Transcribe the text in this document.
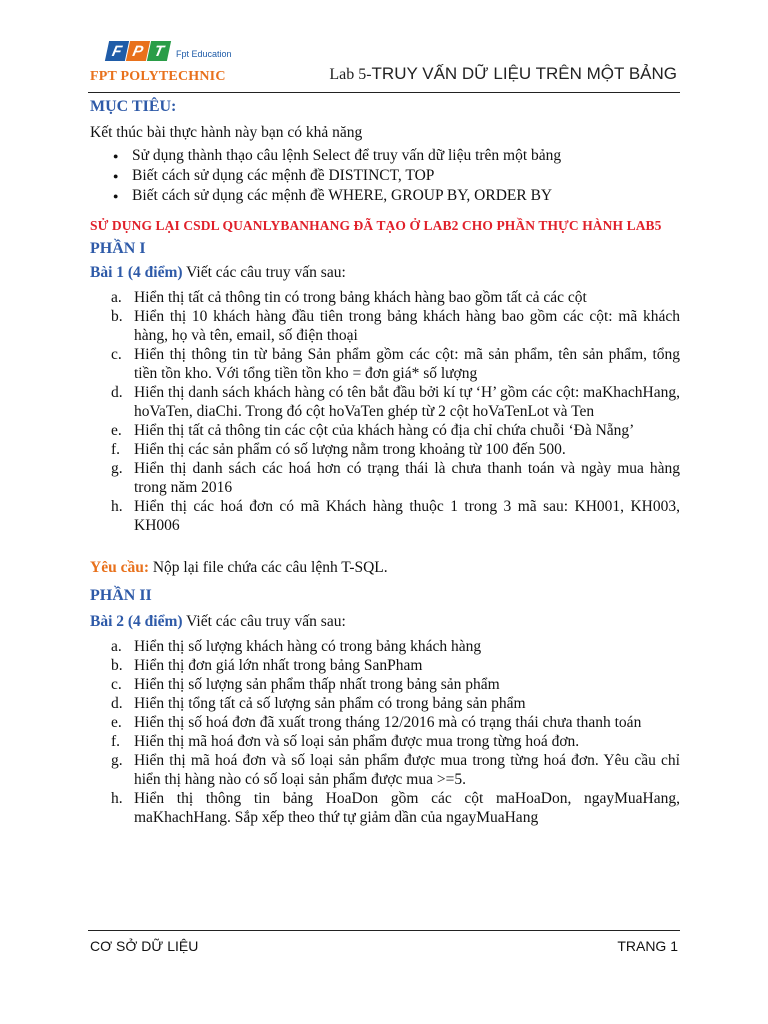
F P T	Fpt Education
FPT POLYTECHNIC	Lab 5-TRUY VẤN DỮ LIỆU TRÊN MỘT BẢNG
MỤC TIÊU:
Kết thúc bài thực hành này bạn có khả năng
● Sử dụng thành thạo câu lệnh Select để truy vấn dữ liệu trên một bảng
● Biết cách sử dụng các mệnh đề DISTINCT, TOP
● Biết cách sử dụng các mệnh đề WHERE, GROUP BY, ORDER BY
SỬ DỤNG LẠI CSDL QUANLYBANHANG ĐÃ TẠO Ở LAB2 CHO PHẦN THỰC HÀNH LAB5
PHẦN I
Bài 1 (4 điểm) Viết các câu truy vấn sau:
a. Hiển thị tất cả thông tin có trong bảng khách hàng bao gồm tất cả các cột
b. Hiển thị 10 khách hàng đầu tiên trong bảng khách hàng bao gồm các cột: mã khách hàng, họ và tên, email, số điện thoại
c. Hiển thị thông tin từ bảng Sản phẩm gồm các cột: mã sản phẩm, tên sản phẩm, tổng tiền tồn kho. Với tổng tiền tồn kho = đơn giá* số lượng
d. Hiển thị danh sách khách hàng có tên bắt đầu bởi kí tự ‘H’ gồm các cột: maKhachHang, hoVaTen, diaChi. Trong đó cột hoVaTen ghép từ 2 cột hoVaTenLot và Ten
e. Hiển thị tất cả thông tin các cột của khách hàng có địa chỉ chứa chuỗi ‘Đà Nẵng’
f. Hiển thị các sản phẩm có số lượng nằm trong khoảng từ 100 đến 500.
g. Hiển thị danh sách các hoá hơn có trạng thái là chưa thanh toán và ngày mua hàng trong năm 2016
h. Hiển thị các hoá đơn có mã Khách hàng thuộc 1 trong 3 mã sau: KH001, KH003, KH006
Yêu cầu: Nộp lại file chứa các câu lệnh T-SQL.
PHẦN II
Bài 2 (4 điểm) Viết các câu truy vấn sau:
a. Hiển thị số lượng khách hàng có trong bảng khách hàng
b. Hiển thị đơn giá lớn nhất trong bảng SanPham
c. Hiển thị số lượng sản phẩm thấp nhất trong bảng sản phẩm
d. Hiển thị tổng tất cả số lượng sản phẩm có trong bảng sản phẩm
e. Hiển thị số hoá đơn đã xuất trong tháng 12/2016 mà có trạng thái chưa thanh toán
f. Hiển thị mã hoá đơn và số loại sản phẩm được mua trong từng hoá đơn.
g. Hiển thị mã hoá đơn và số loại sản phẩm được mua trong từng hoá đơn. Yêu cầu chỉ hiển thị hàng nào có số loại sản phẩm được mua >=5.
h. Hiển thị thông tin bảng HoaDon gồm các cột maHoaDon, ngayMuaHang, maKhachHang. Sắp xếp theo thứ tự giảm dần của ngayMuaHang
CƠ SỞ DỮ LIỆU	TRANG 1
